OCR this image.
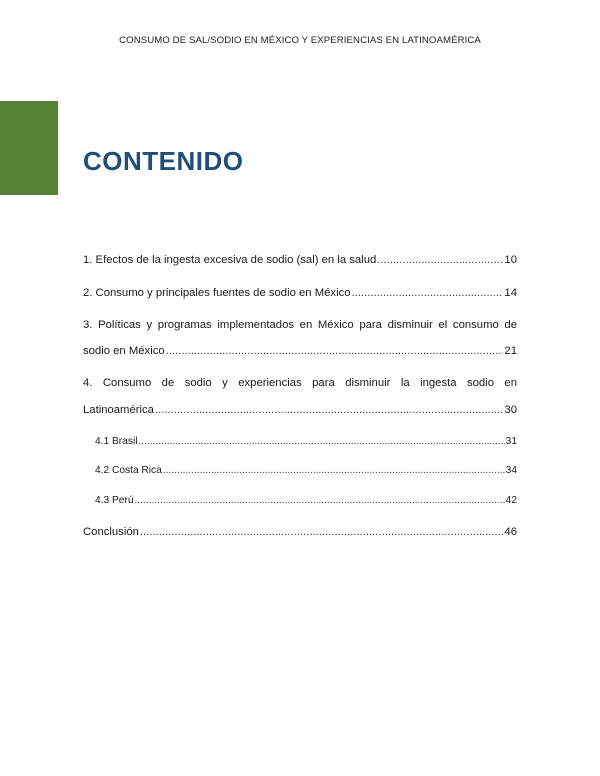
CONSUMO DE SAL/SODIO EN MÉXICO Y EXPERIENCIAS EN LATINOAMÉRICA
CONTENIDO
1. Efectos de la ingesta excesiva de sodio (sal) en la salud .....	10
2. Consumo y principales fuentes de sodio en México .....	14
3. Políticas y programas implementados en México para disminuir el consumo de
sodio en México .....	21
4. Consumo de sodio y experiencias para disminuir la ingesta sodio en
Latinoamérica .....	30
4.1 Brasil .....	31
4.2 Costa Rica .....	34
4.3 Perú .....	42
Conclusión .....	46
